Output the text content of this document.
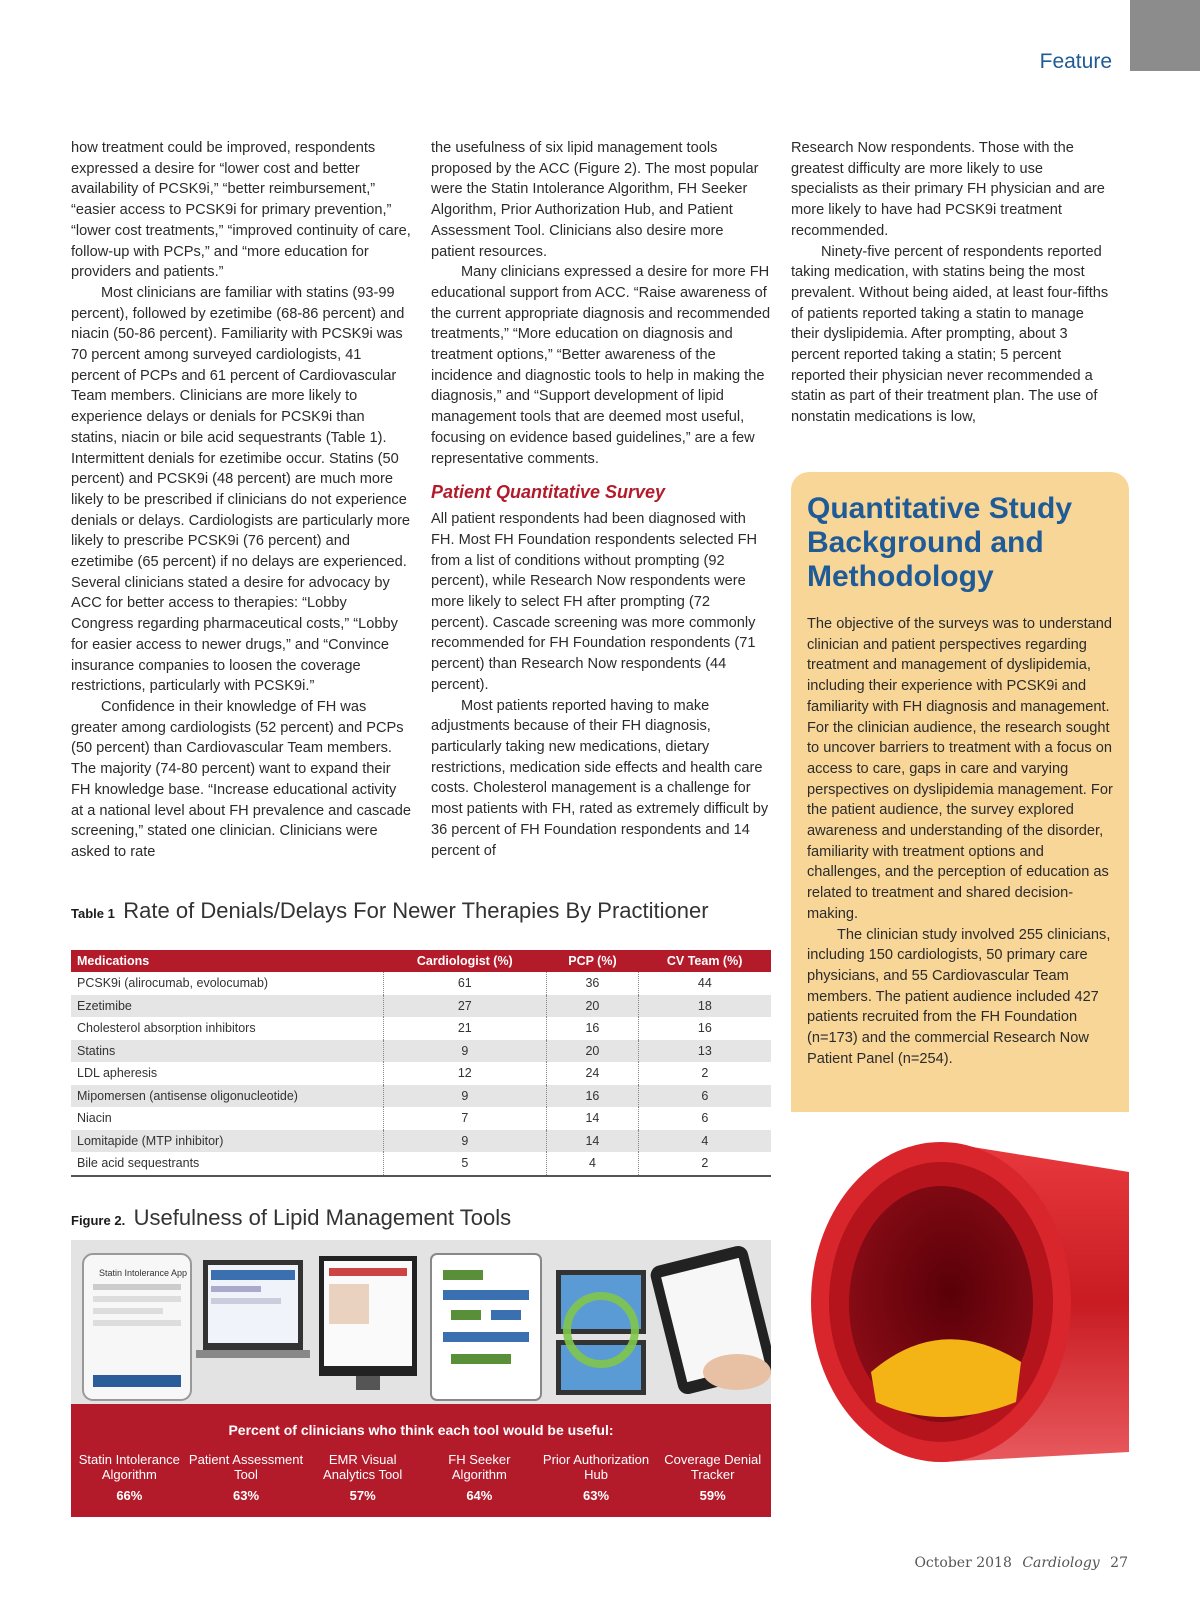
Feature

how treatment could be improved, respondents expressed a desire for “lower cost and better availability of PCSK9i,” “better reimbursement,” “easier access to PCSK9i for primary prevention,” “lower cost treatments,” “improved continuity of care, follow-up with PCPs,” and “more education for providers and patients.”

Most clinicians are familiar with statins (93-99 percent), followed by ezetimibe (68-86 percent) and niacin (50-86 percent). Familiarity with PCSK9i was 70 percent among surveyed cardiologists, 41 percent of PCPs and 61 percent of Cardiovascular Team members. Clinicians are more likely to experience delays or denials for PCSK9i than statins, niacin or bile acid sequestrants (Table 1). Intermittent denials for ezetimibe occur. Statins (50 percent) and PCSK9i (48 percent) are much more likely to be prescribed if clinicians do not experience denials or delays. Cardiologists are particularly more likely to prescribe PCSK9i (76 percent) and ezetimibe (65 percent) if no delays are experienced. Several clinicians stated a desire for advocacy by ACC for better access to therapies: “Lobby Congress regarding pharmaceutical costs,” “Lobby for easier access to newer drugs,” and “Convince insurance companies to loosen the coverage restrictions, particularly with PCSK9i.”

Confidence in their knowledge of FH was greater among cardiologists (52 percent) and PCPs (50 percent) than Cardiovascular Team members. The majority (74-80 percent) want to expand their FH knowledge base. “Increase educational activity at a national level about FH prevalence and cascade screening,” stated one clinician. Clinicians were asked to rate

the usefulness of six lipid management tools proposed by the ACC (Figure 2). The most popular were the Statin Intolerance Algorithm, FH Seeker Algorithm, Prior Authorization Hub, and Patient Assessment Tool. Clinicians also desire more patient resources.

Many clinicians expressed a desire for more FH educational support from ACC. “Raise awareness of the current appropriate diagnosis and recommended treatments,” “More education on diagnosis and treatment options,” “Better awareness of the incidence and diagnostic tools to help in making the diagnosis,” and “Support development of lipid management tools that are deemed most useful, focusing on evidence based guidelines,” are a few representative comments.

Patient Quantitative Survey

All patient respondents had been diagnosed with FH. Most FH Foundation respondents selected FH from a list of conditions without prompting (92 percent), while Research Now respondents were more likely to select FH after prompting (72 percent). Cascade screening was more commonly recommended for FH Foundation respondents (71 percent) than Research Now respondents (44 percent).

Most patients reported having to make adjustments because of their FH diagnosis, particularly taking new medications, dietary restrictions, medication side effects and health care costs. Cholesterol management is a challenge for most patients with FH, rated as extremely difficult by 36 percent of FH Foundation respondents and 14 percent of

Research Now respondents. Those with the greatest difficulty are more likely to use specialists as their primary FH physician and are more likely to have had PCSK9i treatment recommended.

Ninety-five percent of respondents reported taking medication, with statins being the most prevalent. Without being aided, at least four-fifths of patients reported taking a statin to manage their dyslipidemia. After prompting, about 3 percent reported taking a statin; 5 percent reported their physician never recommended a statin as part of their treatment plan. The use of nonstatin medications is low,

Quantitative Study Background and Methodology

The objective of the surveys was to understand clinician and patient perspectives regarding treatment and management of dyslipidemia, including their experience with PCSK9i and familiarity with FH diagnosis and management. For the clinician audience, the research sought to uncover barriers to treatment with a focus on access to care, gaps in care and varying perspectives on dyslipidemia management. For the patient audience, the survey explored awareness and understanding of the disorder, familiarity with treatment options and challenges, and the perception of education as related to treatment and shared decision-making.

The clinician study involved 255 clinicians, including 150 cardiologists, 50 primary care physicians, and 55 Cardiovascular Team members. The patient audience included 427 patients recruited from the FH Foundation (n=173) and the commercial Research Now Patient Panel (n=254).

Table 1 Rate of Denials/Delays For Newer Therapies By Practitioner
Medications	Cardiologist (%)	PCP (%)	CV Team (%)
PCSK9i (alirocumab, evolocumab)	61	36	44
Ezetimibe	27	20	18
Cholesterol absorption inhibitors	21	16	16
Statins	9	20	13
LDL apheresis	12	24	2
Mipomersen (antisense oligonucleotide)	9	16	6
Niacin	7	14	6
Lomitapide (MTP inhibitor)	9	14	4
Bile acid sequestrants	5	4	2
Figure 2. Usefulness of Lipid Management Tools
Statin Intolerance App
Percent of clinicians who think each tool would be useful:
Statin Intolerance Algorithm
66%
Patient Assessment Tool
63%
EMR Visual Analytics Tool
57%
FH Seeker Algorithm
64%
Prior Authorization Hub
63%
Coverage Denial Tracker
59%
October 2018 Cardiology 27
